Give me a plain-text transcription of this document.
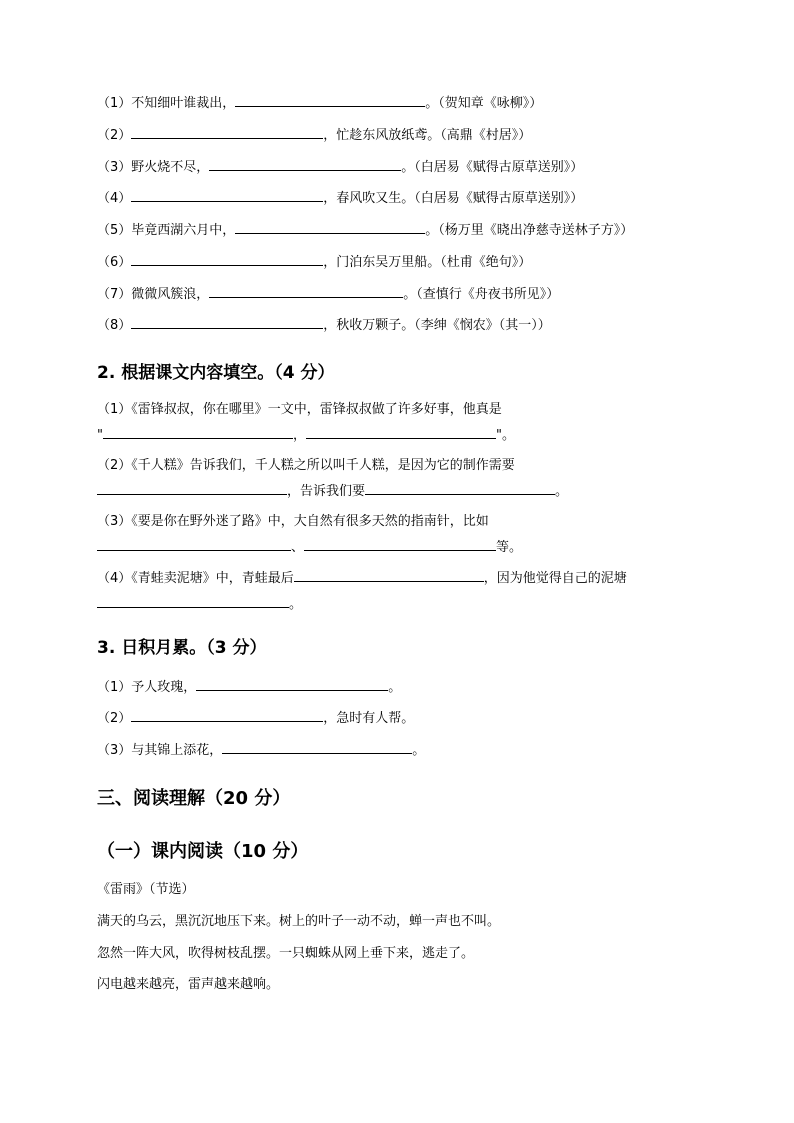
（1）不知细叶谁裁出，	。（贺知章《咏柳》）
（2）	，忙趁东风放纸鸢。（高鼎《村居》）
（3）野火烧不尽，	。（白居易《赋得古原草送别》）
（4）	，春风吹又生。（白居易《赋得古原草送别》）
（5）毕竟西湖六月中，	。（杨万里《晓出净慈寺送林子方》）
（6）	，门泊东吴万里船。（杜甫《绝句》）
（7）微微风簇浪，	。（查慎行《舟夜书所见》）
（8）	，秋收万颗子。（李绅《悯农》（其一））
2. 根据课文内容填空。（4 分）
（1）《雷锋叔叔，你在哪里》一文中，雷锋叔叔做了许多好事，他真是
"	，	"。
（2）《千人糕》告诉我们，千人糕之所以叫千人糕，是因为它的制作需要
，告诉我们要	。
（3）《要是你在野外迷了路》中，大自然有很多天然的指南针，比如
、	等。
（4）《青蛙卖泥塘》中，青蛙最后	，因为他觉得自己的泥塘
。
3. 日积月累。（3 分）
（1）予人玫瑰，	。
（2）	，急时有人帮。
（3）与其锦上添花，	。
三、阅读理解（20 分）
（一）课内阅读（10 分）
《雷雨》（节选）
满天的乌云，黑沉沉地压下来。树上的叶子一动不动，蝉一声也不叫。
忽然一阵大风，吹得树枝乱摆。一只蜘蛛从网上垂下来，逃走了。
闪电越来越亮，雷声越来越响。
